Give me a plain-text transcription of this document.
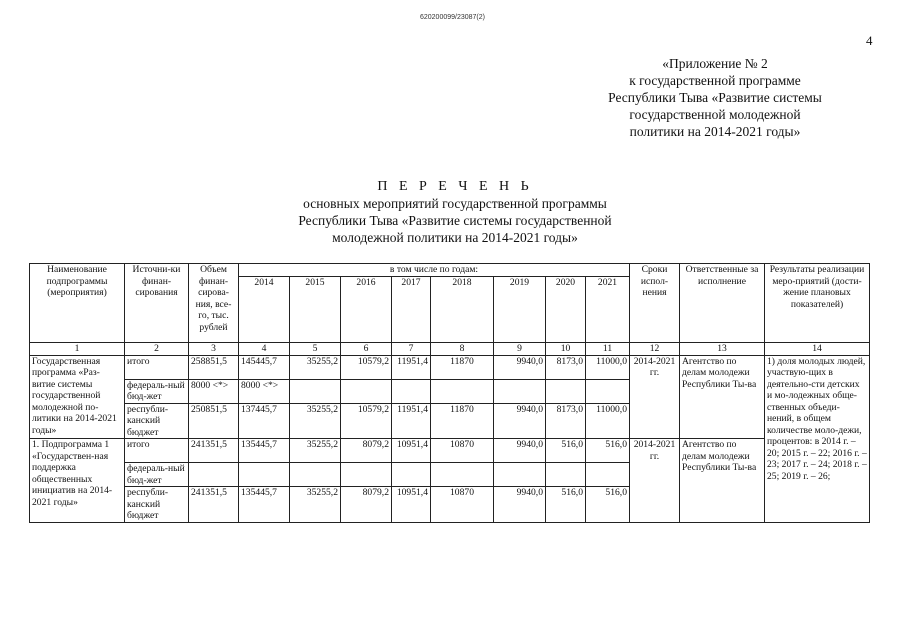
620200099/23087(2)
4
«Приложение № 2
к государственной программе
Республики Тыва «Развитие системы
государственной молодежной
политики на 2014-2021 годы»
П Е Р Е Ч Е Н Ь
основных мероприятий государственной программы
Республики Тыва «Развитие системы государственной
молодежной политики на 2014-2021 годы»
Наименование подпрограммы (мероприятия)	Источни-ки финан-сирования	Объем финан-сирова-ния, все-го, тыс. рублей	в том числе по годам:								Сроки испол-нения	Ответственные за исполнение	Результаты реализации меро-приятий (дости-жение плановых показателей)
			2014	2015	2016	2017	2018	2019	2020	2021			
1	2	3	4	5	6	7	8	9	10	11	12	13	14
Государственная программа «Раз-витие системы государственной молодежной по-литики на 2014-2021 годы»	итого	258851,5	145445,7	35255,2	10579,2	11951,4	11870	9940,0	8173,0	11000,0	2014-2021 гг.	Агентство по делам молодежи Республики Ты-ва	1) доля молодых людей, участвую-щих в деятельно-сти детских и мо-лодежных обще-ственных объеди-нений, в общем количестве моло-дежи, процентов: в 2014 г. – 20; 2015 г. – 22; 2016 г. – 23; 2017 г. – 24; 2018 г. – 25; 2019 г. – 26;
	федераль-ный бюд-жет	8000 <*>	8000 <*>										
	республи-канский бюджет	250851,5	137445,7	35255,2	10579,2	11951,4	11870	9940,0	8173,0	11000,0			
1. Подпрограмма 1 «Государствен-ная поддержка общественных инициатив на 2014-2021 годы»	итого	241351,5	135445,7	35255,2	8079,2	10951,4	10870	9940,0	516,0	516,0	2014-2021 гг.	Агентство по делам молодежи Республики Ты-ва	
	федераль-ный бюд-жет												
	республи-канский бюджет	241351,5	135445,7	35255,2	8079,2	10951,4	10870	9940,0	516,0	516,0			
